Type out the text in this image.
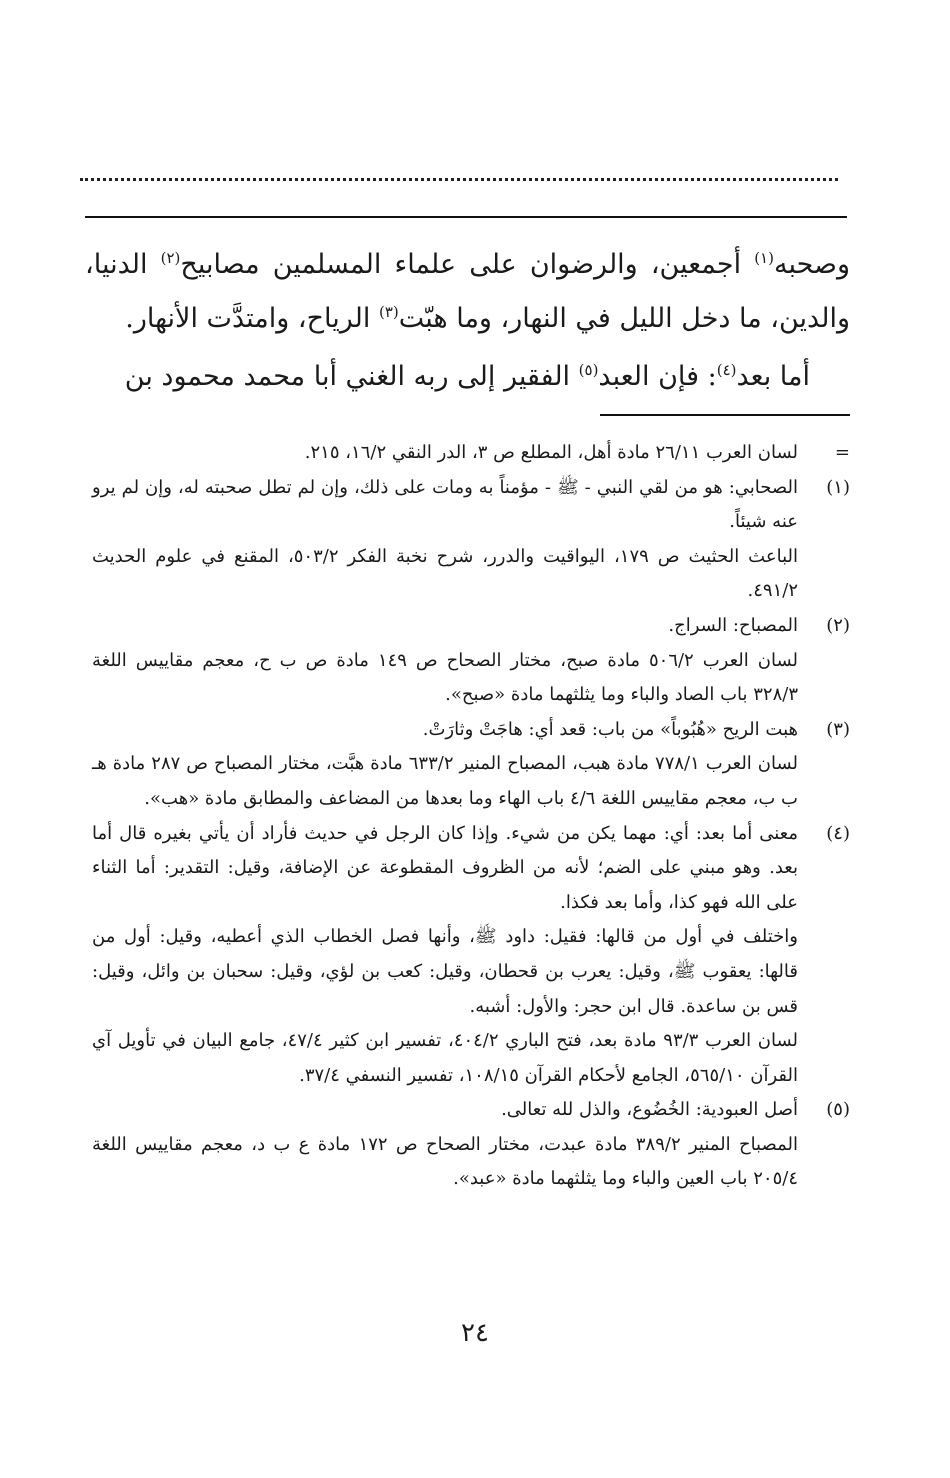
وصحبه$^{(١)}$ أجمعين، والرضوان على علماء المسلمين مصابيح$^{(٢)}$ الدنيا، والدين، ما دخل الليل في النهار، وما هبّت$^{(٣)}$ الرياح، وامتدَّت الأنهار.

أما بعد$^{(٤)}$: فإن العبد$^{(٥)}$ الفقير إلى ربه الغني أبا محمد محمود بن

=

لسان العرب ٢٦/١١ مادة أهل، المطلع ص ٣، الدر النقي ١٦/٢، ٢١٥.

(١)

الصحابي: هو من لقي النبي - ﷺ - مؤمناً به ومات على ذلك، وإن لم تطل صحبته له، وإن لم يرو عنه شيئاً.

الباعث الحثيث ص ١٧٩، اليواقيت والدرر، شرح نخبة الفكر ٥٠٣/٢، المقنع في علوم الحديث ٤٩١/٢.

(٢)

المصباح: السراج.

لسان العرب ٥٠٦/٢ مادة صبح، مختار الصحاح ص ١٤٩ مادة ص ب ح، معجم مقاييس اللغة ٣٢٨/٣ باب الصاد والباء وما يثلثهما مادة «صبح».

(٣)

هبت الريح «هُبُوباً» من باب: قعد أي: هاجَتْ وثارَتْ.

لسان العرب ٧٧٨/١ مادة هبب، المصباح المنير ٦٣٣/٢ مادة هبَّت، مختار المصباح ص ٢٨٧ مادة هـ ب ب، معجم مقاييس اللغة ٤/٦ باب الهاء وما بعدها من المضاعف والمطابق مادة «هب».

(٤)

معنى أما بعد: أي: مهما يكن من شيء. وإذا كان الرجل في حديث فأراد أن يأتي بغيره قال أما بعد. وهو مبني على الضم؛ لأنه من الظروف المقطوعة عن الإضافة، وقيل: التقدير: أما الثناء على الله فهو كذا، وأما بعد فكذا.

واختلف في أول من قالها: فقيل: داود ﷺ، وأنها فصل الخطاب الذي أعطيه، وقيل: أول من قالها: يعقوب ﷺ، وقيل: يعرب بن قحطان، وقيل: كعب بن لؤي، وقيل: سحبان بن وائل، وقيل: قس بن ساعدة. قال ابن حجر: والأول: أشبه.

لسان العرب ٩٣/٣ مادة بعد، فتح الباري ٤٠٤/٢، تفسير ابن كثير ٤٧/٤، جامع البيان في تأويل آي القرآن ٥٦٥/١٠، الجامع لأحكام القرآن ١٠٨/١٥، تفسير النسفي ٣٧/٤.

(٥)

أصل العبودية: الخُضُوع، والذل لله تعالى.

المصباح المنير ٣٨٩/٢ مادة عبدت، مختار الصحاح ص ١٧٢ مادة ع ب د، معجم مقاييس اللغة ٢٠٥/٤ باب العين والباء وما يثلثهما مادة «عبد».

٢٤
